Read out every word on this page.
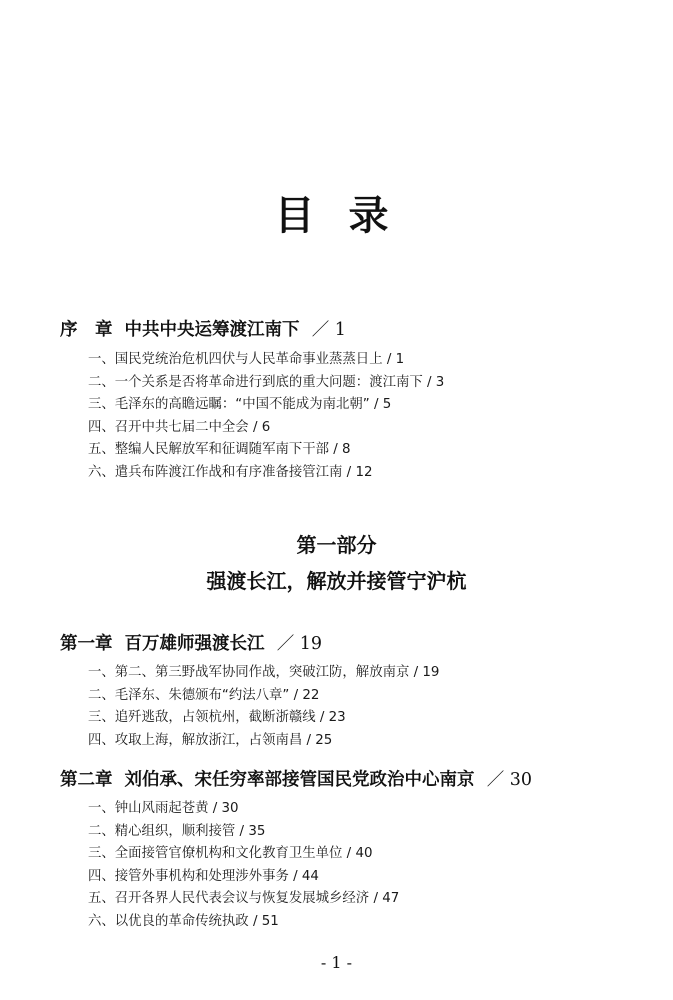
目 录
序　章 中共中央运筹渡江南下 ／ 1
一、国民党统治危机四伏与人民革命事业蒸蒸日上 / 1
二、一个关系是否将革命进行到底的重大问题：渡江南下 / 3
三、毛泽东的高瞻远瞩：“中国不能成为南北朝” / 5
四、召开中共七届二中全会 / 6
五、整编人民解放军和征调随军南下干部 / 8
六、遣兵布阵渡江作战和有序准备接管江南 / 12
第一部分
强渡长江，解放并接管宁沪杭
第一章 百万雄师强渡长江 ／ 19
一、第二、第三野战军协同作战，突破江防，解放南京 / 19
二、毛泽东、朱德颁布“约法八章” / 22
三、追歼逃敌，占领杭州，截断浙赣线 / 23
四、攻取上海，解放浙江，占领南昌 / 25
第二章 刘伯承、宋任穷率部接管国民党政治中心南京 ／ 30
一、钟山风雨起苍黄 / 30
二、精心组织，顺利接管 / 35
三、全面接管官僚机构和文化教育卫生单位 / 40
四、接管外事机构和处理涉外事务 / 44
五、召开各界人民代表会议与恢复发展城乡经济 / 47
六、以优良的革命传统执政 / 51
- 1 -
